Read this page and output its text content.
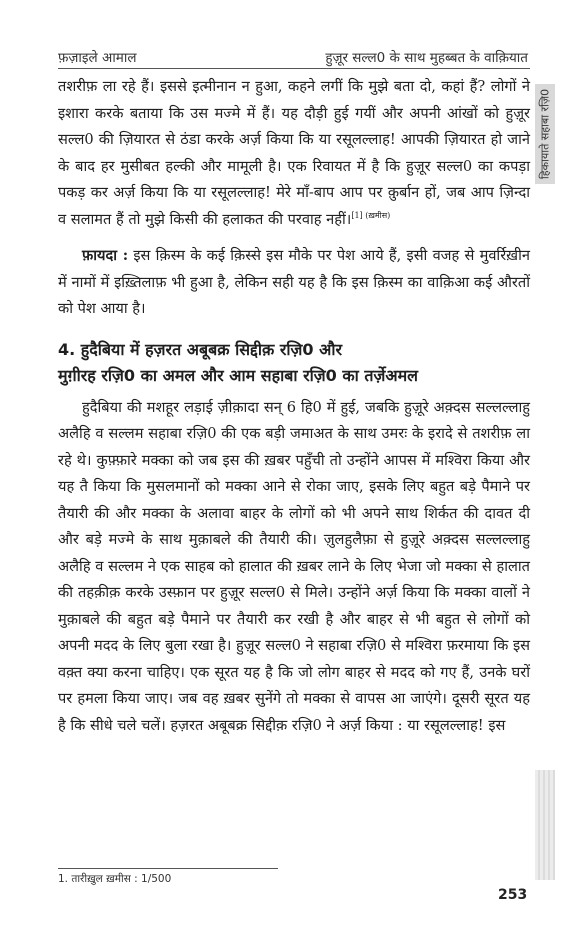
फ़ज़ाइले आमाल	हुज़ूर सल्ल0 के साथ मुहब्बत के वाक़ियात
हिकायाते सहाबा रज़ि0

तशरीफ़ ला रहे हैं। इससे इत्मीनान न हुआ, कहने लगीं कि मुझे बता दो, कहां हैं? लोगों ने इशारा करके बताया कि उस मज्मे में हैं। यह दौड़ी हुई गयीं और अपनी आंखों को हुज़ूर सल्ल0 की ज़ियारत से ठंडा करके अर्ज़ किया कि या रसूलल्लाह! आपकी ज़ियारत हो जाने के बाद हर मुसीबत हल्की और मामूली है। एक रिवायत में है कि हुज़ूर सल्ल0 का कपड़ा पकड़ कर अर्ज़ किया कि या रसूलल्लाह! मेरे माँ-बाप आप पर क़ुर्बान हों, जब आप ज़िन्दा व सलामत हैं तो मुझे किसी की हलाकत की परवाह नहीं।$^{[1] (ख़मीस)}$

फ़ायदा : इस क़िस्म के कई क़िस्से इस मौके पर पेश आये हैं, इसी वजह से मुवर्रिख़ीन में नामों में इख़्तिलाफ़ भी हुआ है, लेकिन सही यह है कि इस क़िस्म का वाक़िआ कई औरतों को पेश आया है।

4. हुदैबिया में हज़रत अबूबक्र सिद्दीक़ रज़ि0 और

मुग़ीरह रज़ि0 का अमल और आम सहाबा रज़ि0 का तर्ज़ेअमल

हुदैबिया की मशहूर लड़ाई ज़ीक़ादा सन् 6 हि0 में हुई, जबकि हुज़ूरे अक़्दस सल्लल्लाहु अलैहि व सल्लम सहाबा रज़ि0 की एक बड़ी जमाअत के साथ उमरः के इरादे से तशरीफ़ ला रहे थे। कुफ़्फ़ारे मक्का को जब इस की ख़बर पहुँची तो उन्होंने आपस में मश्विरा किया और यह तै किया कि मुसलमानों को मक्का आने से रोका जाए, इसके लिए बहुत बड़े पैमाने पर तैयारी की और मक्का के अलावा बाहर के लोगों को भी अपने साथ शिर्कत की दावत दी और बड़े मज्मे के साथ मुक़ाबले की तैयारी की। ज़ुलहुलैफ़ा से हुज़ूरे अक़्दस सल्लल्लाहु अलैहि व सल्लम ने एक साहब को हालात की ख़बर लाने के लिए भेजा जो मक्का से हालात की तहक़ीक़ करके उस्फ़ान पर हुज़ूर सल्ल0 से मिले। उन्होंने अर्ज़ किया कि मक्का वालों ने मुक़ाबले की बहुत बड़े पैमाने पर तैयारी कर रखी है और बाहर से भी बहुत से लोगों को अपनी मदद के लिए बुला रखा है। हुज़ूर सल्ल0 ने सहाबा रज़ि0 से मश्विरा फ़रमाया कि इस वक़्त क्या करना चाहिए। एक सूरत यह है कि जो लोग बाहर से मदद को गए हैं, उनके घरों पर हमला किया जाए। जब वह ख़बर सुनेंगे तो मक्का से वापस आ जाएंगे। दूसरी सूरत यह है कि सीधे चले चलें। हज़रत अबूबक्र सिद्दीक़ रज़ि0 ने अर्ज़ किया : या रसूलल्लाह! इस

1. तारीख़ुल ख़मीस : 1/500
253
